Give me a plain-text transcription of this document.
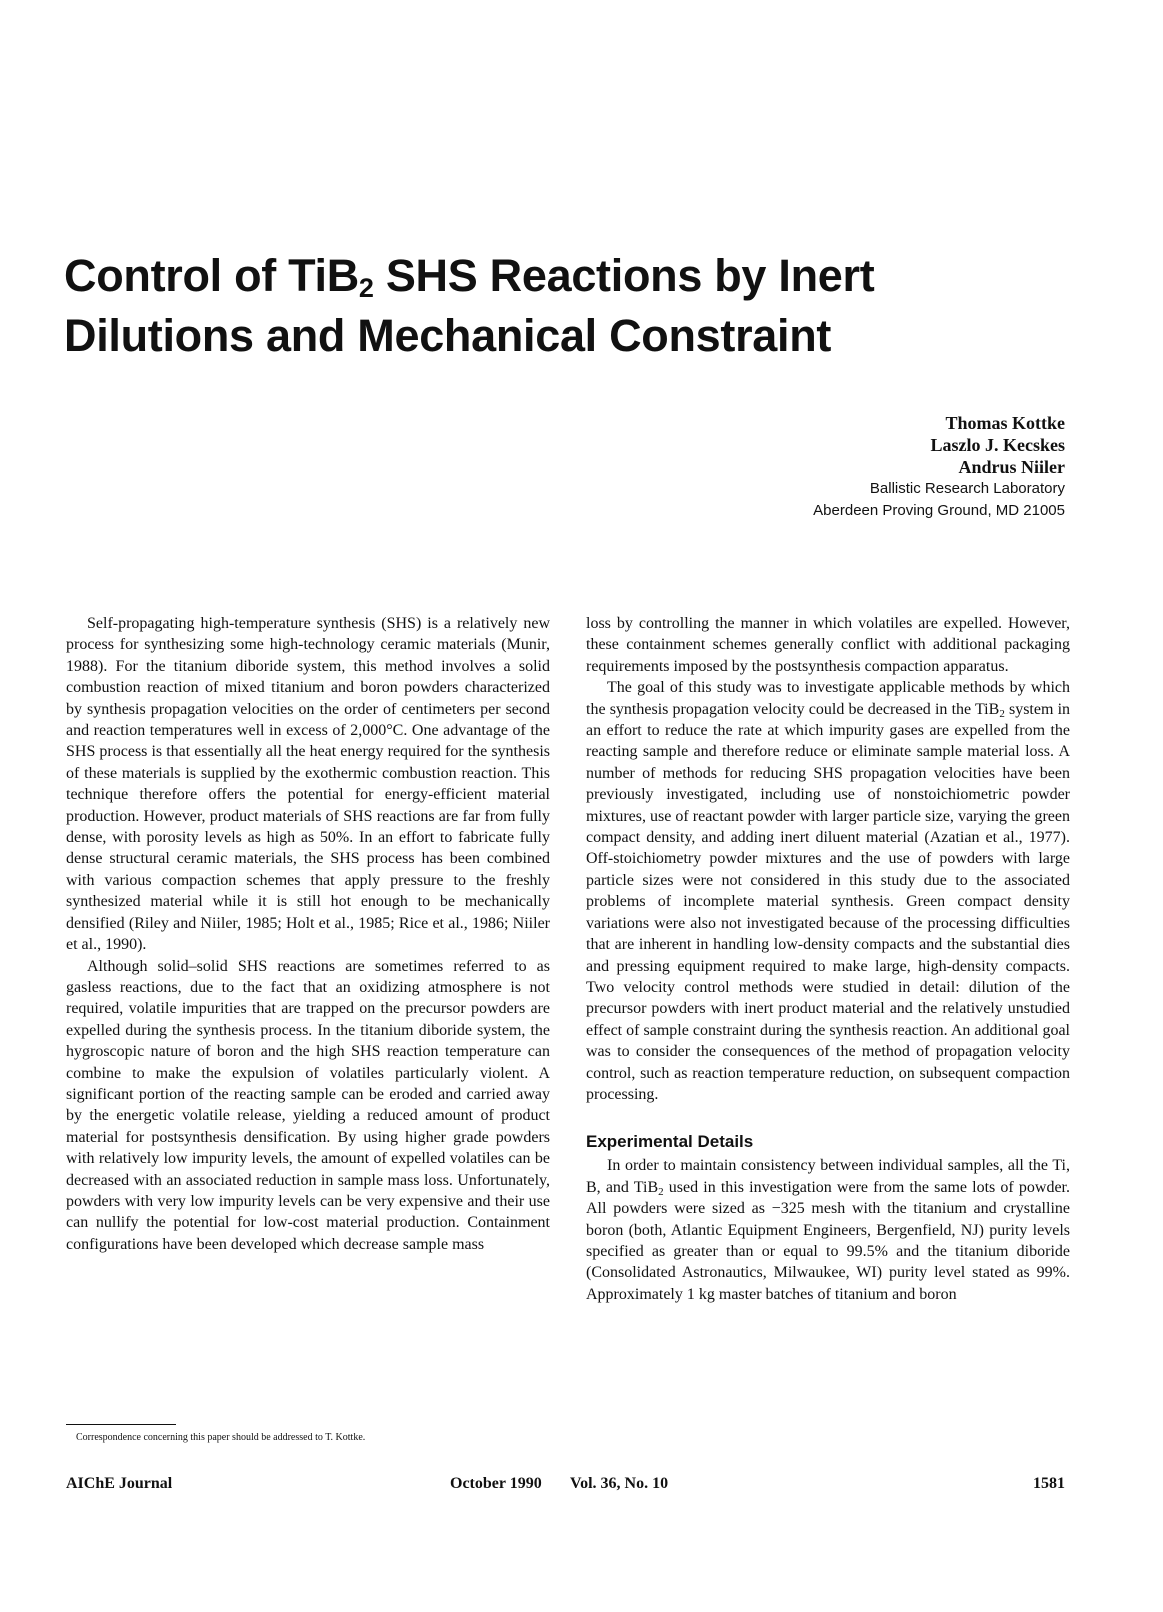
Control of TiB$_2$ SHS Reactions by Inert
Dilutions and Mechanical Constraint
Thomas Kottke
Laszlo J. Kecskes
Andrus Niiler
Ballistic Research Laboratory
Aberdeen Proving Ground, MD 21005

Self-propagating high-temperature synthesis (SHS) is a relatively new process for synthesizing some high-technology ceramic materials (Munir, 1988). For the titanium diboride system, this method involves a solid combustion reaction of mixed titanium and boron powders characterized by synthesis propagation velocities on the order of centimeters per second and reaction temperatures well in excess of 2,000°C. One advantage of the SHS process is that essentially all the heat energy required for the synthesis of these materials is supplied by the exothermic combustion reaction. This technique therefore offers the potential for energy-efficient material production. However, product materials of SHS reactions are far from fully dense, with porosity levels as high as 50%. In an effort to fabricate fully dense structural ceramic materials, the SHS process has been combined with various compaction schemes that apply pressure to the freshly synthesized material while it is still hot enough to be mechanically densified (Riley and Niiler, 1985; Holt et al., 1985; Rice et al., 1986; Niiler et al., 1990).

Although solid–solid SHS reactions are sometimes referred to as gasless reactions, due to the fact that an oxidizing atmosphere is not required, volatile impurities that are trapped on the precursor powders are expelled during the synthesis process. In the titanium diboride system, the hygroscopic nature of boron and the high SHS reaction temperature can combine to make the expulsion of volatiles particularly violent. A significant portion of the reacting sample can be eroded and carried away by the energetic volatile release, yielding a reduced amount of product material for postsynthesis densification. By using higher grade powders with relatively low impurity levels, the amount of expelled volatiles can be decreased with an associated reduction in sample mass loss. Unfortunately, powders with very low impurity levels can be very expensive and their use can nullify the potential for low-cost material production. Containment configurations have been developed which decrease sample mass

loss by controlling the manner in which volatiles are expelled. However, these containment schemes generally conflict with additional packaging requirements imposed by the postsynthesis compaction apparatus.

The goal of this study was to investigate applicable methods by which the synthesis propagation velocity could be decreased in the TiB$_2$ system in an effort to reduce the rate at which impurity gases are expelled from the reacting sample and therefore reduce or eliminate sample material loss. A number of methods for reducing SHS propagation velocities have been previously investigated, including use of nonstoichiometric powder mixtures, use of reactant powder with larger particle size, varying the green compact density, and adding inert diluent material (Azatian et al., 1977). Off-stoichiometry powder mixtures and the use of powders with large particle sizes were not considered in this study due to the associated problems of incomplete material synthesis. Green compact density variations were also not investigated because of the processing difficulties that are inherent in handling low-density compacts and the substantial dies and pressing equipment required to make large, high-density compacts. Two velocity control methods were studied in detail: dilution of the precursor powders with inert product material and the relatively unstudied effect of sample constraint during the synthesis reaction. An additional goal was to consider the consequences of the method of propagation velocity control, such as reaction temperature reduction, on subsequent compaction processing.

Experimental Details

In order to maintain consistency between individual samples, all the Ti, B, and TiB$_2$ used in this investigation were from the same lots of powder. All powders were sized as −325 mesh with the titanium and crystalline boron (both, Atlantic Equipment Engineers, Bergenfield, NJ) purity levels specified as greater than or equal to 99.5% and the titanium diboride (Consolidated Astronautics, Milwaukee, WI) purity level stated as 99%. Approximately 1 kg master batches of titanium and boron

Correspondence concerning this paper should be addressed to T. Kottke.
AIChE Journal	October 1990 Vol. 36, No. 10	1581
